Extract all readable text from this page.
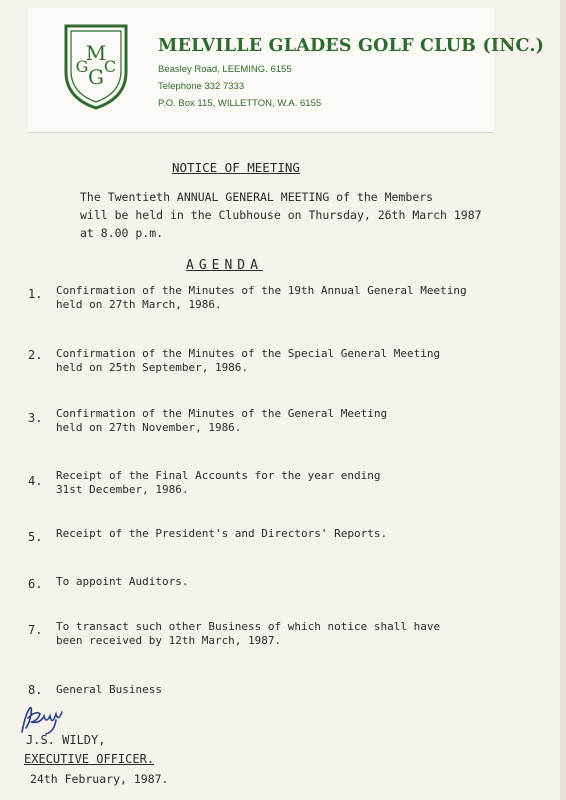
M
G
G C
MELVILLE GLADES GOLF CLUB (INC.)
Beasley Road, LEEMING. 6155
Telephone 332 7333
P.O. Box 115, WILLETTON, W.A. 6155
NOTICE OF MEETING
The Twentieth ANNUAL GENERAL MEETING of the Members
will be held in the Clubhouse on Thursday, 26th March 1987
at 8.00 p.m.
AGENDA
1. Confirmation of the Minutes of the 19th Annual General Meeting
held on 27th March, 1986.
2. Confirmation of the Minutes of the Special General Meeting
held on 25th September, 1986.
3. Confirmation of the Minutes of the General Meeting
held on 27th November, 1986.
4. Receipt of the Final Accounts for the year ending
31st December, 1986.
5. Receipt of the President's and Directors' Reports.
6. To appoint Auditors.
7. To transact such other Business of which notice shall have
been received by 12th March, 1987.
8. General Business
J.S. WILDY,
EXECUTIVE OFFICER.
24th February, 1987.
